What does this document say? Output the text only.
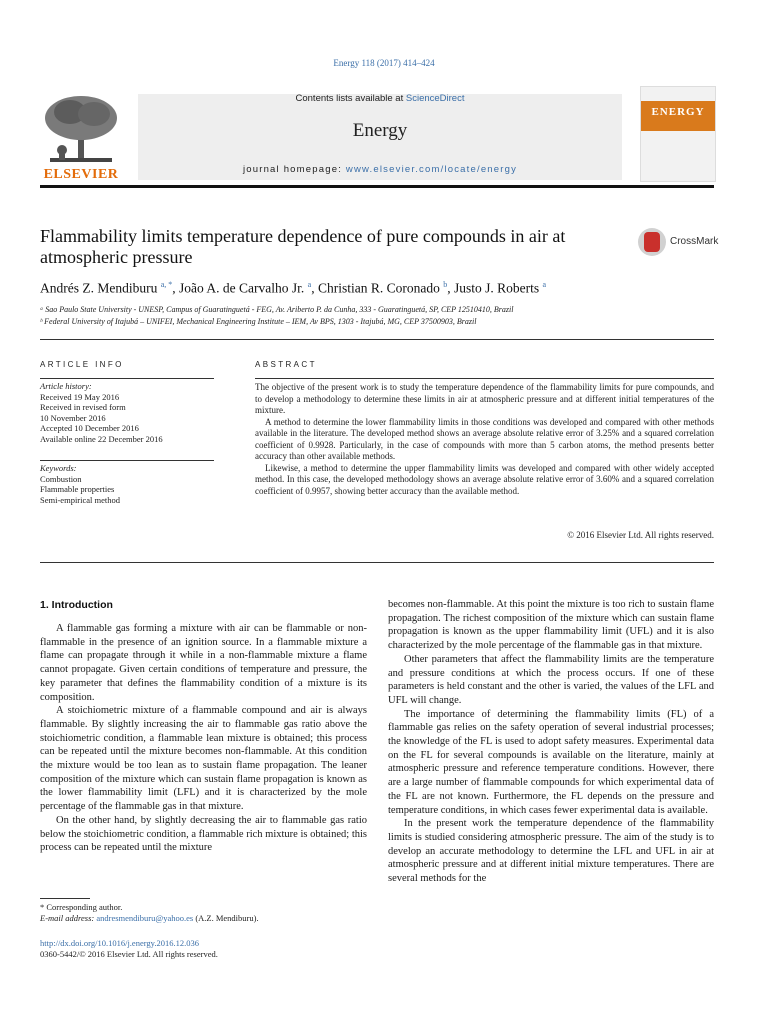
Energy 118 (2017) 414–424
ELSEVIER
Contents lists available at ScienceDirect
Energy
journal homepage: www.elsevier.com/locate/energy
ENERGY
Flammability limits temperature dependence of pure compounds in air at atmospheric pressure
CrossMark
Andrés Z. Mendiburu $^{a, *}$, João A. de Carvalho Jr. $^a$, Christian R. Coronado $^b$, Justo J. Roberts $^a$
ᵃ Sao Paulo State University - UNESP, Campus of Guaratinguetá - FEG, Av. Ariberto P. da Cunha, 333 - Guaratinguetá, SP, CEP 12510410, Brazil
ᵇ Federal University of Itajubá – UNIFEI, Mechanical Engineering Institute – IEM, Av BPS, 1303 - Itajubá, MG, CEP 37500903, Brazil
ARTICLE INFO
Article history:
Received 19 May 2016
Received in revised form
10 November 2016
Accepted 10 December 2016
Available online 22 December 2016
Keywords:
Combustion
Flammable properties
Semi-empirical method
ABSTRACT

The objective of the present work is to study the temperature dependence of the flammability limits for pure compounds, and to develop a methodology to determine these limits in air at atmospheric pressure and at different initial temperatures of the mixture.

A method to determine the lower flammability limits in those conditions was developed and compared with other methods available in the literature. The developed method shows an average absolute relative error of 3.25% and a squared correlation coefficient of 0.9928. Particularly, in the case of compounds with more than 5 carbon atoms, the method presents better accuracy than other available methods.

Likewise, a method to determine the upper flammability limits was developed and compared with other widely accepted method. In this case, the developed methodology shows an average absolute relative error of 3.60% and a squared correlation coefficient of 0.9957, showing better accuracy than the available method.

© 2016 Elsevier Ltd. All rights reserved.
1. Introduction

A flammable gas forming a mixture with air can be flammable or non-flammable in the presence of an ignition source. In a flammable mixture a flame can propagate through it while in a non-flammable mixture a flame cannot propagate. Given certain conditions of temperature and pressure, the key parameter that defines the flammability condition of a mixture is its composition.

A stoichiometric mixture of a flammable compound and air is always flammable. By slightly increasing the air to flammable gas ratio above the stoichiometric condition, a flammable lean mixture is obtained; this process can be repeated until the mixture becomes non-flammable. At this condition the mixture would be too lean as to sustain flame propagation. The leaner composition of the mixture which can sustain flame propagation is known as the lower flammability limit (LFL) and it is characterized by the mole percentage of the flammable gas in that mixture.

On the other hand, by slightly decreasing the air to flammable gas ratio below the stoichiometric condition, a flammable rich mixture is obtained; this process can be repeated until the mixture

becomes non-flammable. At this point the mixture is too rich to sustain flame propagation. The richest composition of the mixture which can sustain flame propagation is known as the upper flammability limit (UFL) and it is also characterized by the mole percentage of the flammable gas in that mixture.

Other parameters that affect the flammability limits are the temperature and pressure conditions at which the process occurs. If one of these parameters is held constant and the other is varied, the values of the LFL and UFL will change.

The importance of determining the flammability limits (FL) of a flammable gas relies on the safety operation of several industrial processes; the knowledge of the FL is used to adopt safety measures. Experimental data on the FL for several compounds is available on the literature, mainly at atmospheric pressure and reference temperature conditions. However, there are a large number of flammable compounds for which experimental data of the FL are not known. Furthermore, the FL depends on the pressure and temperature conditions, in which cases fewer experimental data is available.

In the present work the temperature dependence of the flammability limits is studied considering atmospheric pressure. The aim of the study is to develop an accurate methodology to determine the LFL and UFL in air at atmospheric pressure and at different initial mixture temperatures. There are several methods for the

* Corresponding author.
E-mail address: andresmendiburu@yahoo.es (A.Z. Mendiburu).
http://dx.doi.org/10.1016/j.energy.2016.12.036
0360-5442/© 2016 Elsevier Ltd. All rights reserved.
